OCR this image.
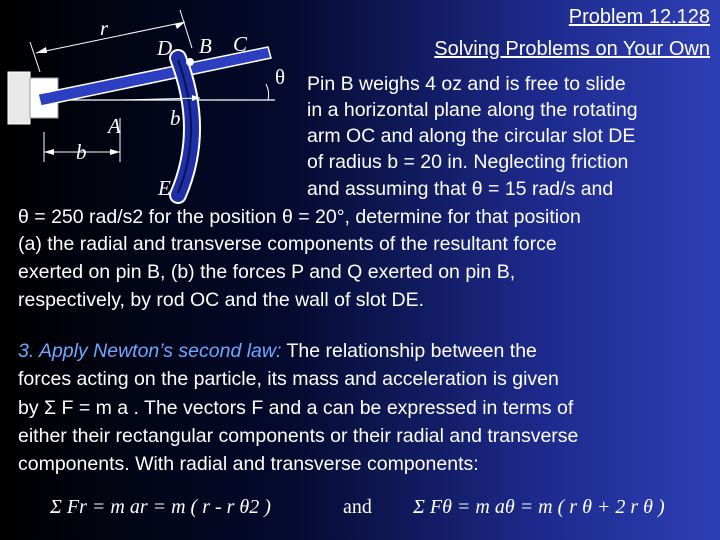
Problem 12.128
Solving Problems on Your Own
r
D B C
O
A b
b
E
θ Pin B weighs 4 oz and is free to slide
in a horizontal plane along the rotating
arm OC and along the circular slot DE
of radius b = 20 in. Neglecting friction
and assuming that θ = 15 rad/s and
θ = 250 rad/s2 for the position θ = 20°, determine for that position
(a) the radial and transverse components of the resultant force
exerted on pin B, (b) the forces P and Q exerted on pin B,
respectively, by rod OC and the wall of slot DE.
3. Apply Newton’s second law: The relationship between the
forces acting on the particle, its mass and acceleration is given
by Σ F = m a . The vectors F and a can be expressed in terms of
either their rectangular components or their radial and transverse
components. With radial and transverse components:
Σ Fr = m ar = m ( r - r θ2 )	and Σ Fθ = m aθ = m ( r θ + 2 r θ )
